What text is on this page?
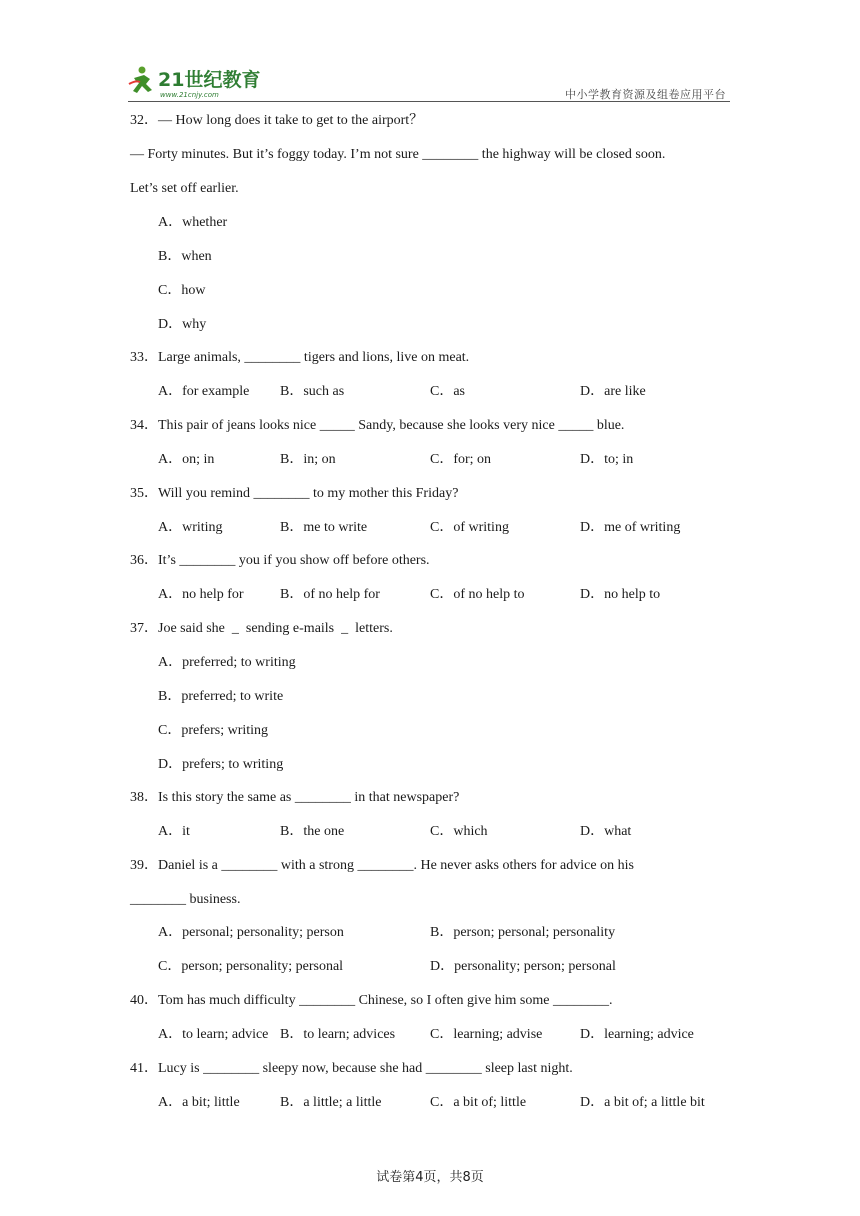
21世纪教育
www.21cnjy.com	中小学教育资源及组卷应用平台
32．— How long does it take to get to the airport？
— Forty minutes. But it’s foggy today. I’m not sure ________ the highway will be closed soon.
Let’s set off earlier.
A．whether
B．when
C．how
D．why
33．Large animals, ________ tigers and lions, live on meat.
A．for example B．such as	C．as	D．are like
34．This pair of jeans looks nice _____ Sandy, because she looks very nice _____ blue.
A．on; in	B．in; on	C．for; on	D．to; in
35．Will you remind ________ to my mother this Friday?
A．writing	B．me to write	C．of writing	D．me of writing
36．It’s ________ you if you show off before others.
A．no help for	B．of no help for	C．of no help to	D．no help to
37．Joe said she  _  sending e-mails  _  letters.
A．preferred; to writing
B．preferred; to write
C．prefers; writing
D．prefers; to writing
38．Is this story the same as ________ in that newspaper?
A．it	B．the one	C．which	D．what
39．Daniel is a ________ with a strong ________. He never asks others for advice on his
________ business.
A．personal; personality; person	B．person; personal; personality
C．person; personality; personal	D．personality; person; personal
40．Tom has much difficulty ________ Chinese, so I often give him some ________.
A．to learn; advice B．to learn; advices C．learning; advise	D．learning; advice
41．Lucy is ________ sleepy now, because she had ________ sleep last night.
A．a bit; little	B．a little; a little	C．a bit of; little	D．a bit of; a little bit
试卷第4页，共8页
